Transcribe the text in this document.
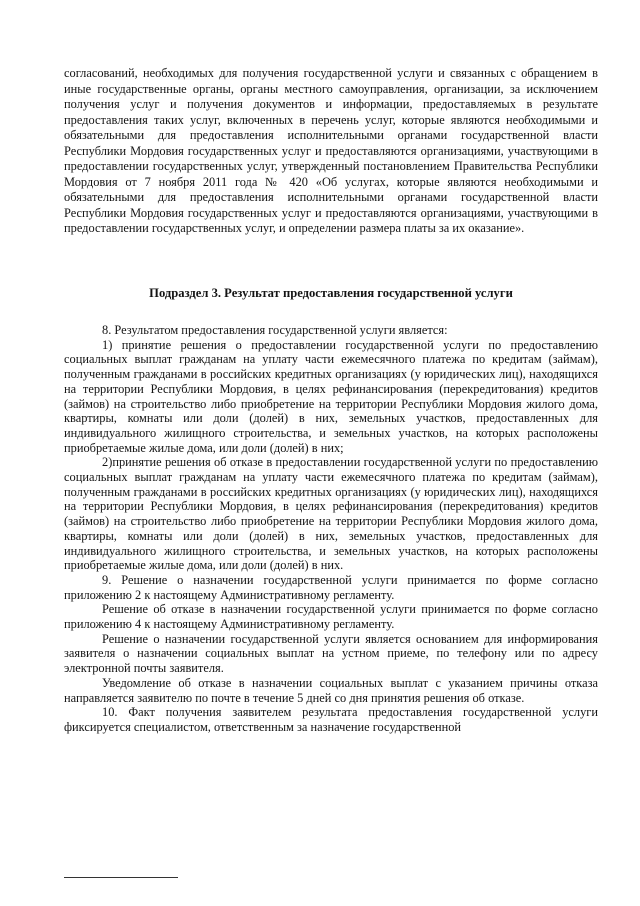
согласований, необходимых для получения государственной услуги и связанных с обращением в иные государственные органы, органы местного самоуправления, организации, за исключением получения услуг и получения документов и информации, предоставляемых в результате предоставления таких услуг, включенных в перечень услуг, которые являются необходимыми и обязательными для предоставления исполнительными органами государственной власти Республики Мордовия государственных услуг и предоставляются организациями, участвующими в предоставлении государственных услуг, утвержденный постановлением Правительства Республики Мордовия от 7 ноября 2011 года № 420 «Об услугах, которые являются необходимыми и обязательными для предоставления исполнительными органами государственной власти Республики Мордовия государственных услуг и предоставляются организациями, участвующими в предоставлении государственных услуг, и определении размера платы за их оказание».

Подраздел 3. Результат предоставления государственной услуги

8. Результатом предоставления государственной услуги является:

1) принятие решения о предоставлении государственной услуги по предоставлению социальных выплат гражданам на уплату части ежемесячного платежа по кредитам (займам), полученным гражданами в российских кредитных организациях (у юридических лиц), находящихся на территории Республики Мордовия, в целях рефинансирования (перекредитования) кредитов (займов) на строительство либо приобретение на территории Республики Мордовия жилого дома, квартиры, комнаты или доли (долей) в них, земельных участков, предоставленных для индивидуального жилищного строительства, и земельных участков, на которых расположены приобретаемые жилые дома, или доли (долей) в них;

2)принятие решения об отказе в предоставлении государственной услуги по предоставлению социальных выплат гражданам на уплату части ежемесячного платежа по кредитам (займам), полученным гражданами в российских кредитных организациях (у юридических лиц), находящихся на территории Республики Мордовия, в целях рефинансирования (перекредитования) кредитов (займов) на строительство либо приобретение на территории Республики Мордовия жилого дома, квартиры, комнаты или доли (долей) в них, земельных участков, предоставленных для индивидуального жилищного строительства, и земельных участков, на которых расположены приобретаемые жилые дома, или доли (долей) в них.

9. Решение о назначении государственной услуги принимается по форме согласно приложению 2 к настоящему Административному регламенту.

Решение об отказе в назначении государственной услуги принимается по форме согласно приложению 4 к настоящему Административному регламенту.

Решение о назначении государственной услуги является основанием для информирования заявителя о назначении социальных выплат на устном приеме, по телефону или по адресу электронной почты заявителя.

Уведомление об отказе в назначении социальных выплат с указанием причины отказа направляется заявителю по почте в течение 5 дней со дня принятия решения об отказе.

10. Факт получения заявителем результата предоставления государственной услуги фиксируется специалистом, ответственным за назначение государственной
